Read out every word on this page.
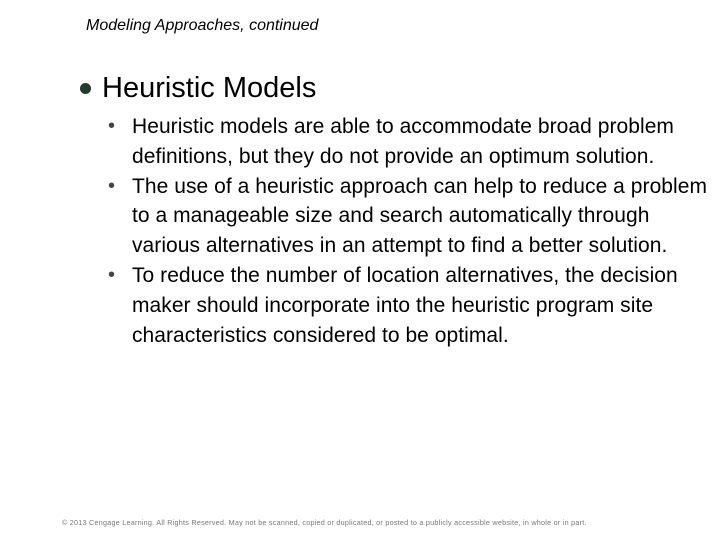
Modeling Approaches, continued
Heuristic Models
• Heuristic models are able to accommodate broad problem definitions, but they do not provide an optimum solution.
• The use of a heuristic approach can help to reduce a problem to a manageable size and search automatically through various alternatives in an attempt to find a better solution.
• To reduce the number of location alternatives, the decision maker should incorporate into the heuristic program site characteristics considered to be optimal.
© 2013 Cengage Learning. All Rights Reserved. May not be scanned, copied or duplicated, or posted to a publicly accessible website, in whole or in part.
